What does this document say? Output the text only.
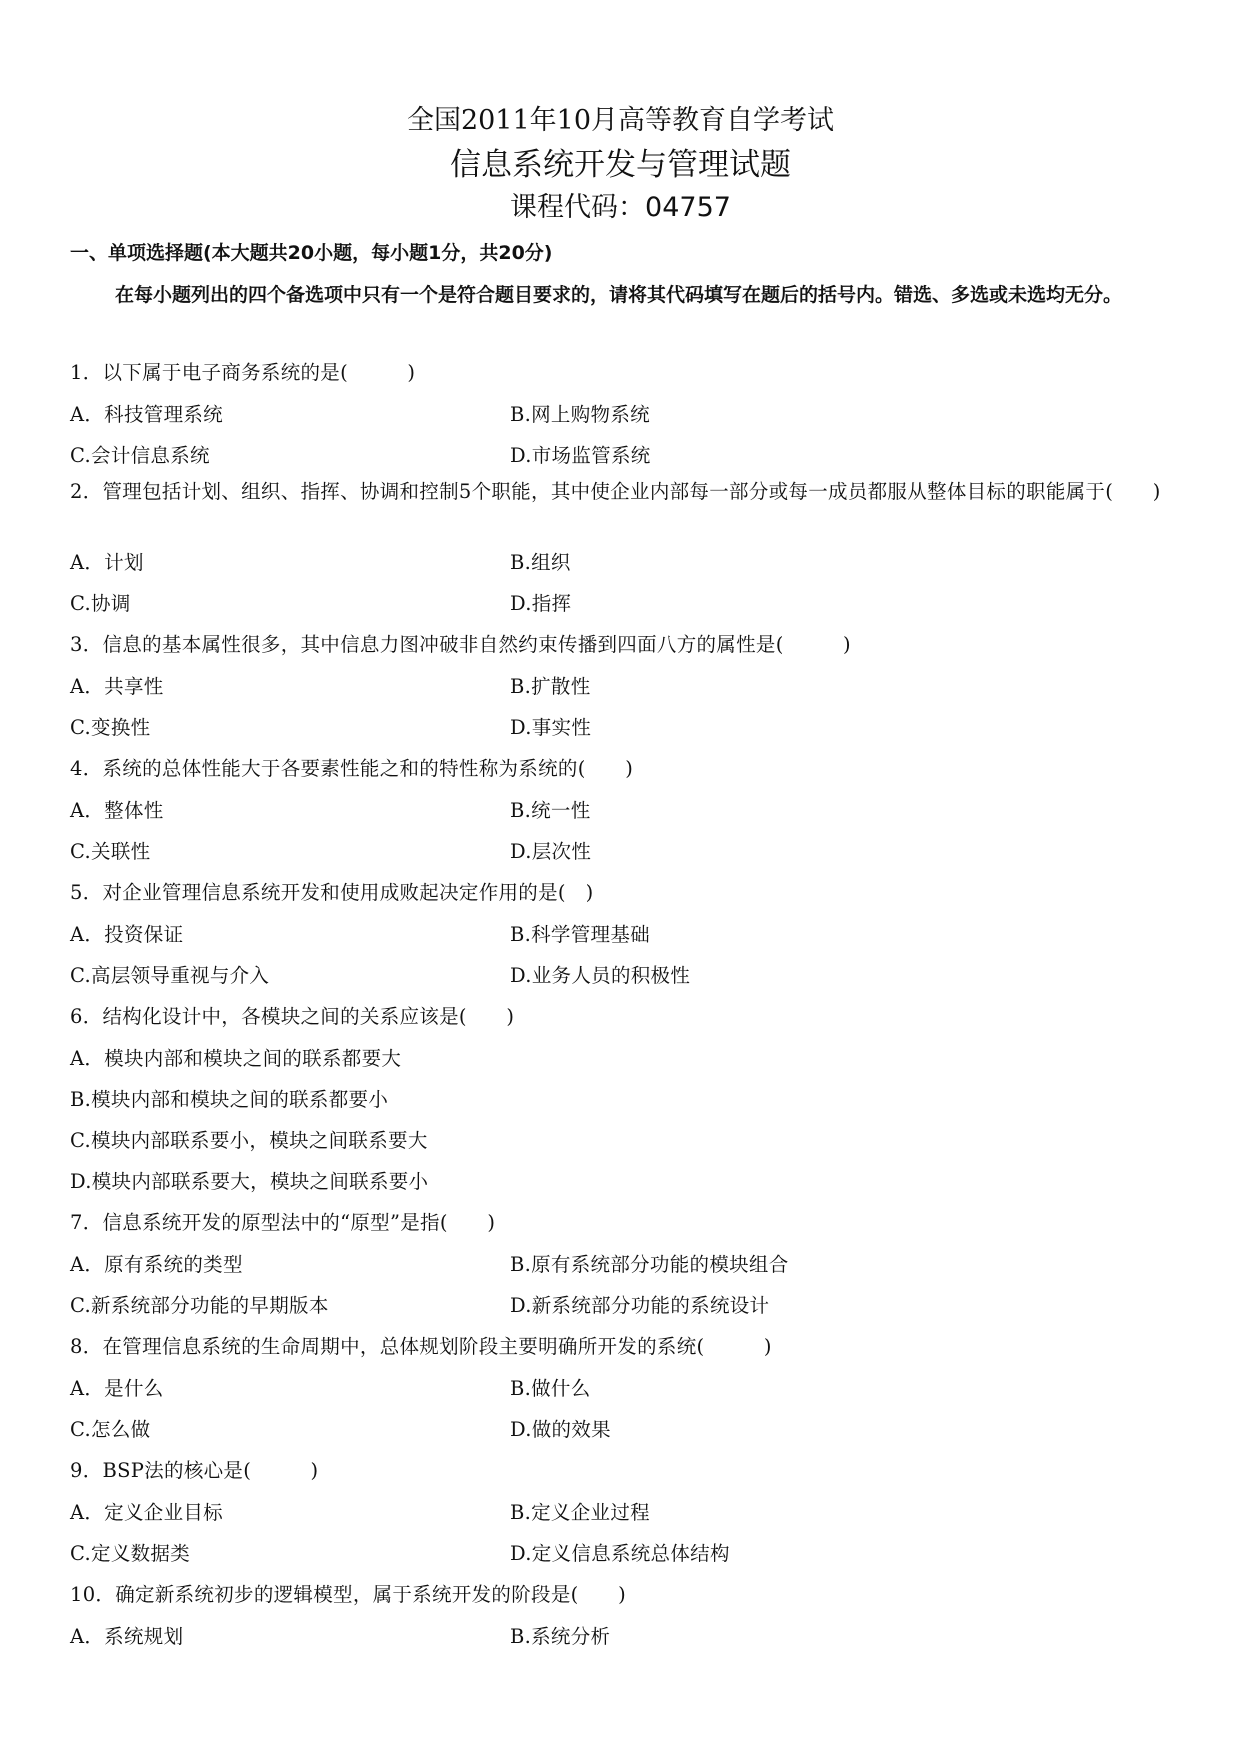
全国2011年10月高等教育自学考试
信息系统开发与管理试题
课程代码：04757
一、单项选择题(本大题共20小题，每小题1分，共20分)
在每小题列出的四个备选项中只有一个是符合题目要求的，请将其代码填写在题后的括号内。错选、多选或未选均无分。
1．以下属于电子商务系统的是(　　　)
A．科技管理系统	B.网上购物系统
C.会计信息系统	D.市场监管系统
2．管理包括计划、组织、指挥、协调和控制5个职能，其中使企业内部每一部分或每一成员都服从整体目标的职能属于(　　)
A．计划	B.组织
C.协调	D.指挥
3．信息的基本属性很多，其中信息力图冲破非自然约束传播到四面八方的属性是(　　　)
A．共享性	B.扩散性
C.变换性	D.事实性
4．系统的总体性能大于各要素性能之和的特性称为系统的(　　)
A．整体性	B.统一性
C.关联性	D.层次性
5．对企业管理信息系统开发和使用成败起决定作用的是(　)
A．投资保证	B.科学管理基础
C.高层领导重视与介入	D.业务人员的积极性
6．结构化设计中，各模块之间的关系应该是(　　)
A．模块内部和模块之间的联系都要大
B.模块内部和模块之间的联系都要小
C.模块内部联系要小，模块之间联系要大
D.模块内部联系要大，模块之间联系要小
7．信息系统开发的原型法中的“原型”是指(　　)
A．原有系统的类型	B.原有系统部分功能的模块组合
C.新系统部分功能的早期版本	D.新系统部分功能的系统设计
8．在管理信息系统的生命周期中，总体规划阶段主要明确所开发的系统(　　　)
A．是什么	B.做什么
C.怎么做	D.做的效果
9．BSP法的核心是(　　　)
A．定义企业目标	B.定义企业过程
C.定义数据类	D.定义信息系统总体结构
10．确定新系统初步的逻辑模型，属于系统开发的阶段是(　　)
A．系统规划	B.系统分析
